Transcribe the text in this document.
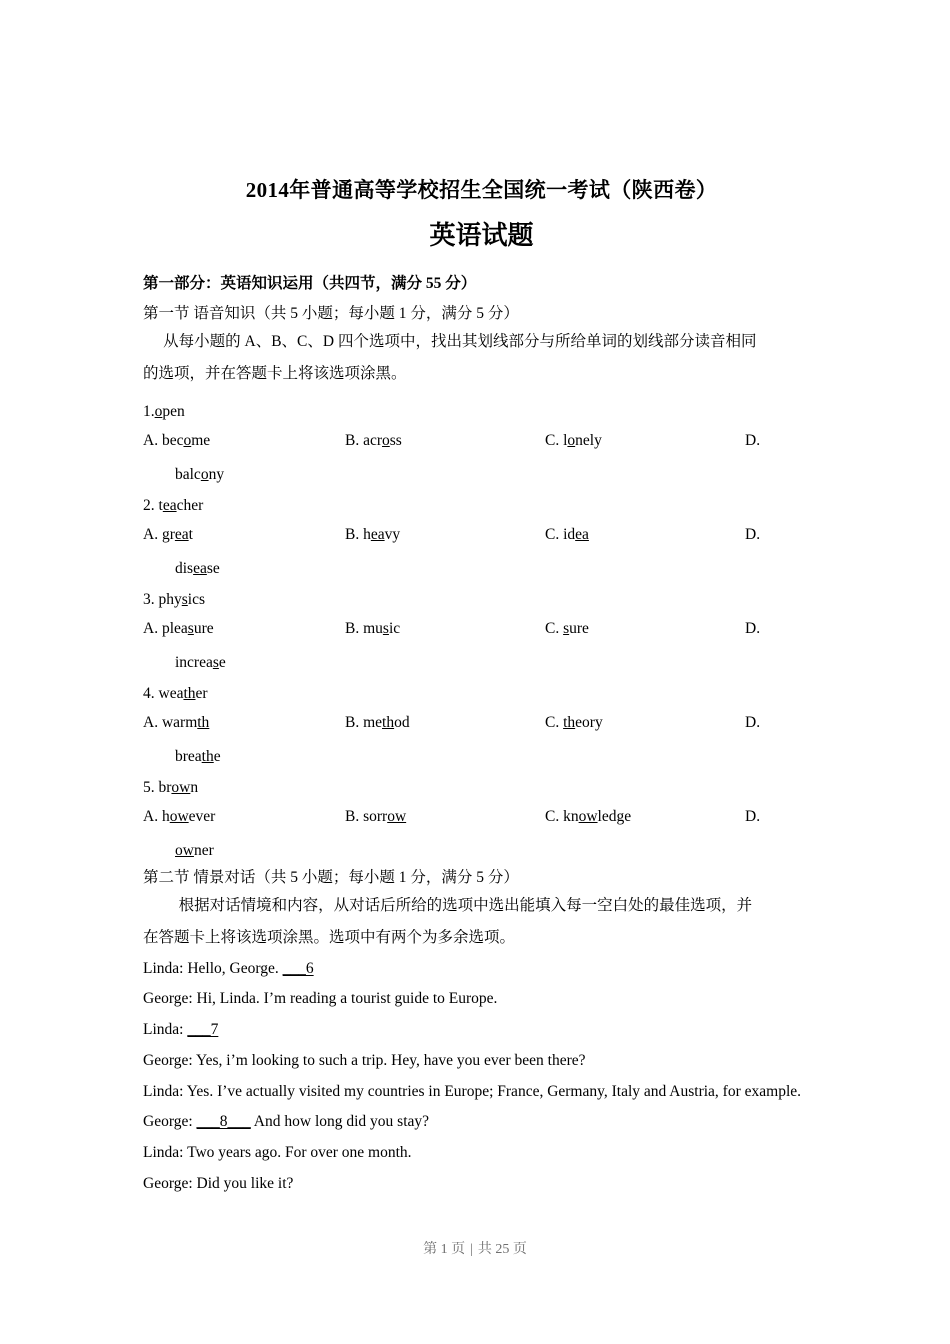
2014年普通高等学校招生全国统一考试（陕西卷）
英语试题
第一部分：英语知识运用（共四节，满分 55 分）
第一节 语音知识（共 5 小题；每小题 1 分，满分 5 分）
从每小题的 A、B、C、D 四个选项中，找出其划线部分与所给单词的划线部分读音相同
的选项，并在答题卡上将该选项涂黑。
1.open
A. become	B. across	C. lonely	D.
balcony
2. teacher
A. great	B. heavy	C. idea	D.
disease
3. physics
A. pleasure	B. music	C. sure	D.
increase
4. weather
A. warmth	B. method	C. theory	D.
breathe
5. brown
A. however	B. sorrow	C. knowledge	D.
owner
第二节 情景对话（共 5 小题；每小题 1 分，满分 5 分）
根据对话情境和内容，从对话后所给的选项中选出能填入每一空白处的最佳选项，并
在答题卡上将该选项涂黑。选项中有两个为多余选项。
Linda: Hello, George. ___6
George: Hi, Linda. I’m reading a tourist guide to Europe.
Linda: ___7
George: Yes, i’m looking to such a trip. Hey, have you ever been there?
Linda: Yes. I’ve actually visited my countries in Europe; France, Germany, Italy and Austria, for example.
George: ___8___ And how long did you stay?
Linda: Two years ago. For over one month.
George: Did you like it?
第 1 页 | 共 25 页
